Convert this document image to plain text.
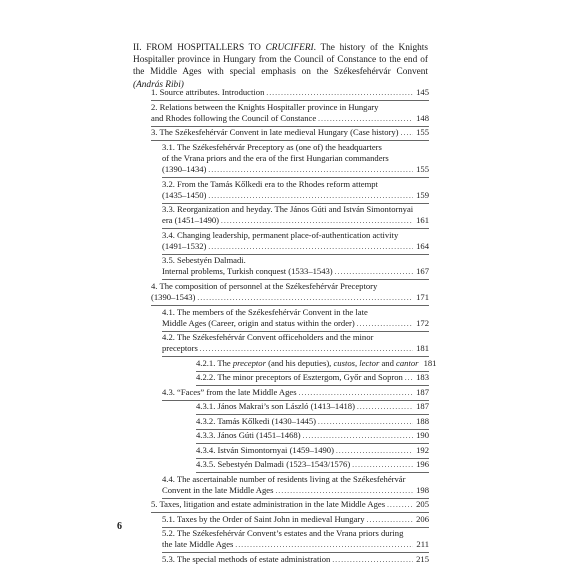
II. FROM HOSPITALLERS TO CRUCIFERI. The history of the Knights Hospitaller province in Hungary from the Council of Constance to the end of the Middle Ages with special emphasis on the Székesfehérvár Convent (András Ribi)
1. Source attributes. Introduction .....	145
2. Relations between the Knights Hospitaller province in Hungary
and Rhodes following the Council of Constance .....	148
3. The Székesfehérvár Convent in late medieval Hungary (Case history) ..... 155
3.1. The Székesfehérvár Preceptory as (one of) the headquarters
of the Vrana priors and the era of the first Hungarian commanders
(1390–1434) .....	155
3.2. From the Tamás Kőlkedi era to the Rhodes reform attempt
(1435–1450) .....	159
3.3. Reorganization and heyday. The János Gúti and István Simontornyai
era (1451–1490) .....	161
3.4. Changing leadership, permanent place-of-authentication activity
(1491–1532) .....	164
3.5. Sebestyén Dalmadi.
Internal problems, Turkish conquest (1533–1543) .....	167
4. The composition of personnel at the Székesfehérvár Preceptory
(1390–1543) .....	171
4.1. The members of the Székesfehérvár Convent in the late
Middle Ages (Career, origin and status within the order) .....	172
4.2. The Székesfehérvár Convent officeholders and the minor
preceptors .....	181
4.2.1. The preceptor (and his deputies), custos, lector and cantor 181
4.2.2. The minor preceptors of Esztergom, Győr and Sopron ..... 183
4.3. “Faces” from the late Middle Ages .....	187
4.3.1. János Makrai’s son László (1413–1418) .....	187
4.3.2. Tamás Kőlkedi (1430–1445) .....	188
4.3.3. János Gúti (1451–1468) .....	190
4.3.4. István Simontornyai (1459–1490) .....	192
4.3.5. Sebestyén Dalmadi (1523–1543/1576) .....	196
4.4. The ascertainable number of residents living at the Székesfehérvár
Convent in the late Middle Ages .....	198
5. Taxes, litigation and estate administration in the late Middle Ages .....	205
5.1. Taxes by the Order of Saint John in medieval Hungary .....	206
5.2. The Székesfehérvár Convent’s estates and the Vrana priors during
the late Middle Ages .....	211
5.3. The special methods of estate administration .....	215
6
